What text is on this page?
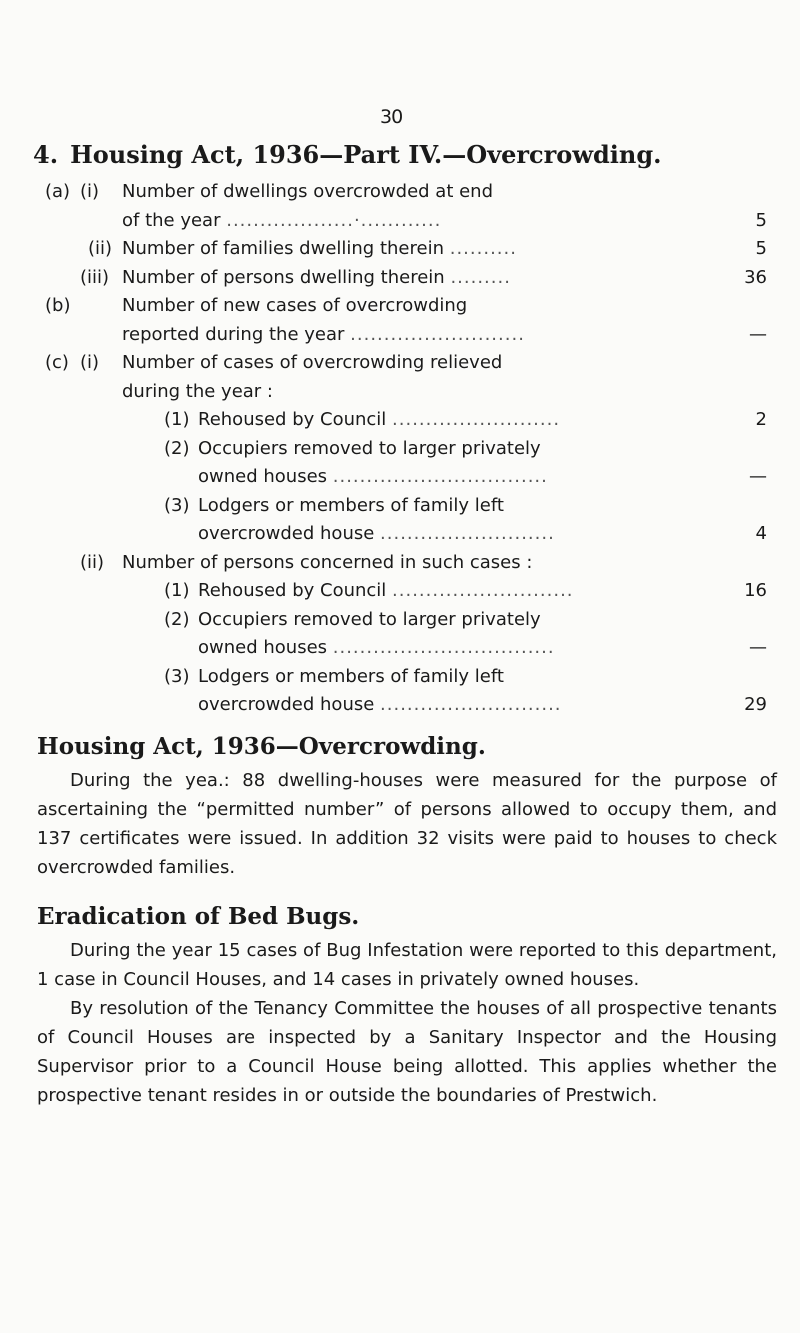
30
4. Housing Act, 1936—Part IV.—Overcrowding.
(a) (i) Number of dwellings overcrowded at end
of the year ...................·............	5
(ii) Number of families dwelling therein ..........	5
(iii) Number of persons dwelling therein .........	36
(b)	Number of new cases of overcrowding
reported during the year ..........................	—
(c) (i) Number of cases of overcrowding relieved
during the year :
(1) Rehoused by Council .........................	2
(2) Occupiers removed to larger privately
owned houses ................................	—
(3) Lodgers or members of family left
overcrowded house ..........................	4
(ii) Number of persons concerned in such cases :
(1) Rehoused by Council ...........................	16
(2) Occupiers removed to larger privately
owned houses .................................	—
(3) Lodgers or members of family left
overcrowded house ...........................	29
Housing Act, 1936—Overcrowding.

During the yea.: 88 dwelling-houses were measured for the purpose of ascertaining the “permitted number” of persons allowed to occupy them, and 137 certificates were issued. In addition 32 visits were paid to houses to check overcrowded families.

Eradication of Bed Bugs.

During the year 15 cases of Bug Infestation were reported to this department, 1 case in Council Houses, and 14 cases in privately owned houses.

By resolution of the Tenancy Committee the houses of all prospective tenants of Council Houses are inspected by a Sanitary Inspector and the Housing Supervisor prior to a Council House being allotted. This applies whether the prospective tenant resides in or outside the boundaries of Prestwich.
